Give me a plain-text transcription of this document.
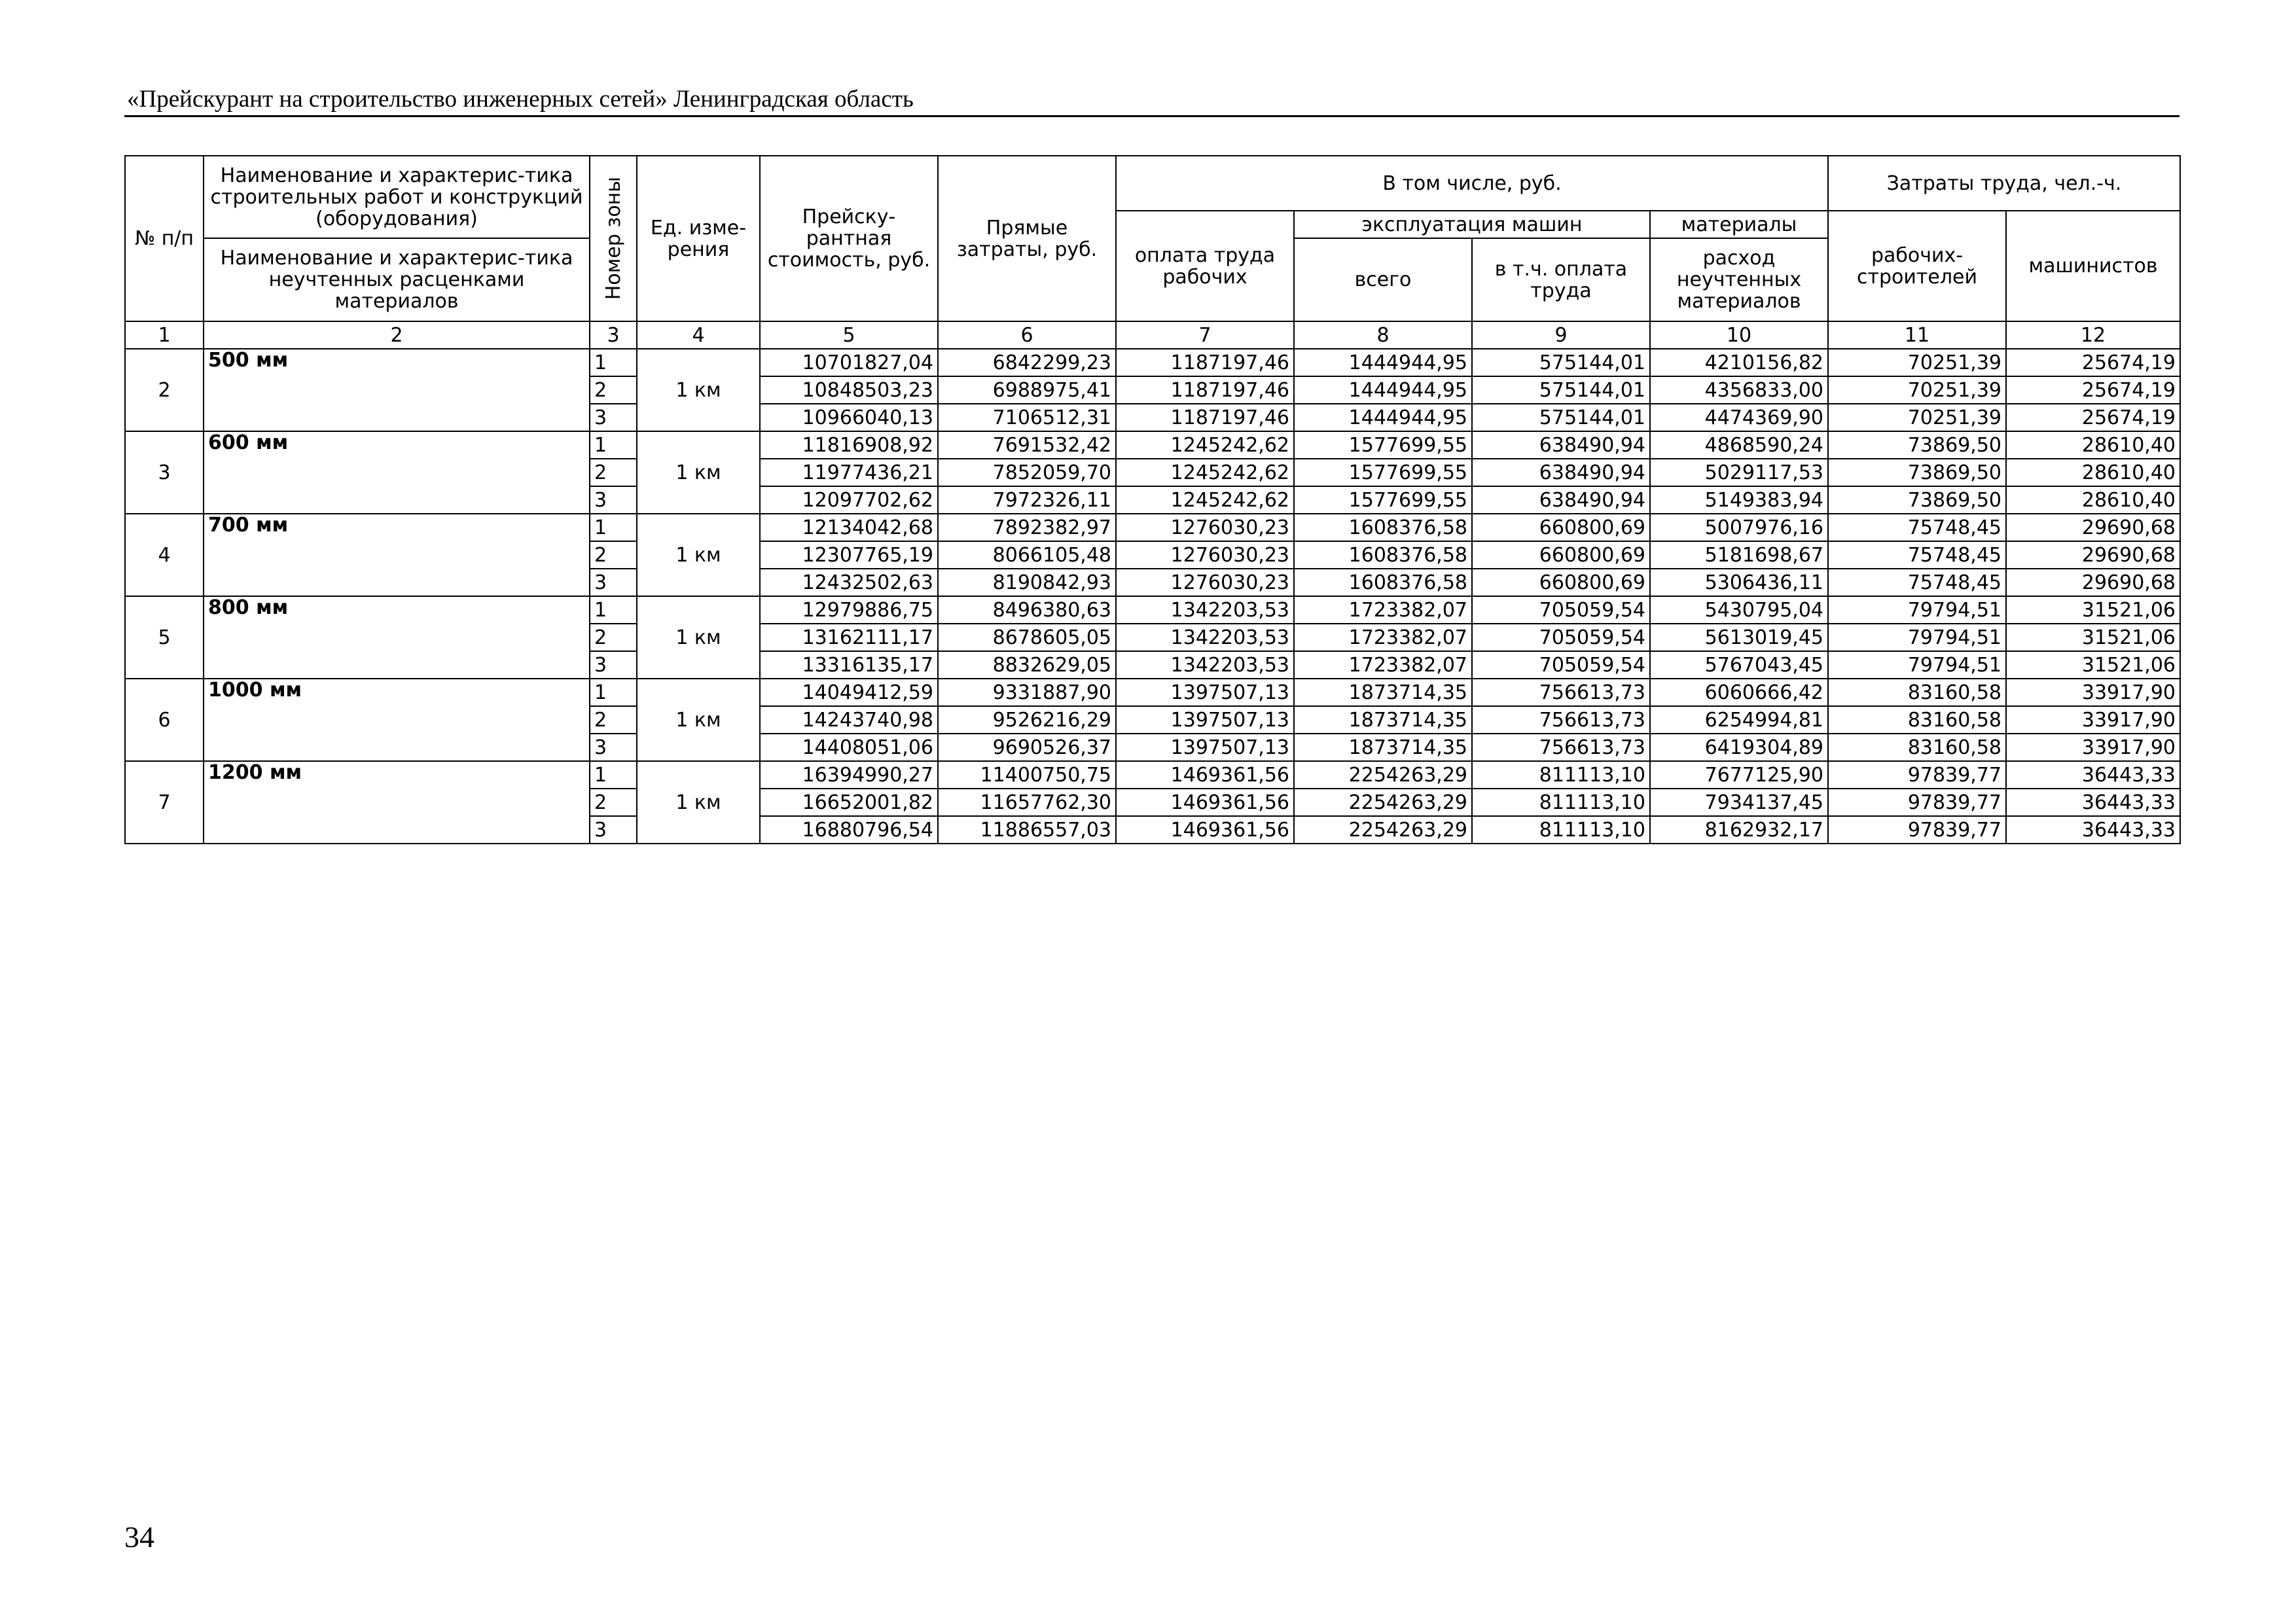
«Прейскурант на строительство инженерных сетей» Ленинградская область
№ п/п	Наименование и характерис-тика строительных работ и конструкций (оборудования)	Номер зоны	Ед. изме-рения	Прейску-рантная стоимость, руб.	Прямые затраты, руб.	В том числе, руб.				Затраты труда, чел.-ч.	
						оплата труда рабочих	эксплуатация машин		материалы	рабочих-строителей	машинистов
	Наименование и характерис-тика неучтенных расценками материалов						всего	в т.ч. оплата труда	расход неучтенных материалов		
1	2	3	4	5	6	7	8	9	10	11	12
2	500 мм	1	1 км	10701827,04	6842299,23	1187197,46	1444944,95	575144,01	4210156,82	70251,39	25674,19
		2		10848503,23	6988975,41	1187197,46	1444944,95	575144,01	4356833,00	70251,39	25674,19
		3		10966040,13	7106512,31	1187197,46	1444944,95	575144,01	4474369,90	70251,39	25674,19
3	600 мм	1	1 км	11816908,92	7691532,42	1245242,62	1577699,55	638490,94	4868590,24	73869,50	28610,40
		2		11977436,21	7852059,70	1245242,62	1577699,55	638490,94	5029117,53	73869,50	28610,40
		3		12097702,62	7972326,11	1245242,62	1577699,55	638490,94	5149383,94	73869,50	28610,40
4	700 мм	1	1 км	12134042,68	7892382,97	1276030,23	1608376,58	660800,69	5007976,16	75748,45	29690,68
		2		12307765,19	8066105,48	1276030,23	1608376,58	660800,69	5181698,67	75748,45	29690,68
		3		12432502,63	8190842,93	1276030,23	1608376,58	660800,69	5306436,11	75748,45	29690,68
5	800 мм	1	1 км	12979886,75	8496380,63	1342203,53	1723382,07	705059,54	5430795,04	79794,51	31521,06
		2		13162111,17	8678605,05	1342203,53	1723382,07	705059,54	5613019,45	79794,51	31521,06
		3		13316135,17	8832629,05	1342203,53	1723382,07	705059,54	5767043,45	79794,51	31521,06
6	1000 мм	1	1 км	14049412,59	9331887,90	1397507,13	1873714,35	756613,73	6060666,42	83160,58	33917,90
		2		14243740,98	9526216,29	1397507,13	1873714,35	756613,73	6254994,81	83160,58	33917,90
		3		14408051,06	9690526,37	1397507,13	1873714,35	756613,73	6419304,89	83160,58	33917,90
7	1200 мм	1	1 км	16394990,27	11400750,75	1469361,56	2254263,29	811113,10	7677125,90	97839,77	36443,33
		2		16652001,82	11657762,30	1469361,56	2254263,29	811113,10	7934137,45	97839,77	36443,33
		3		16880796,54	11886557,03	1469361,56	2254263,29	811113,10	8162932,17	97839,77	36443,33
34
